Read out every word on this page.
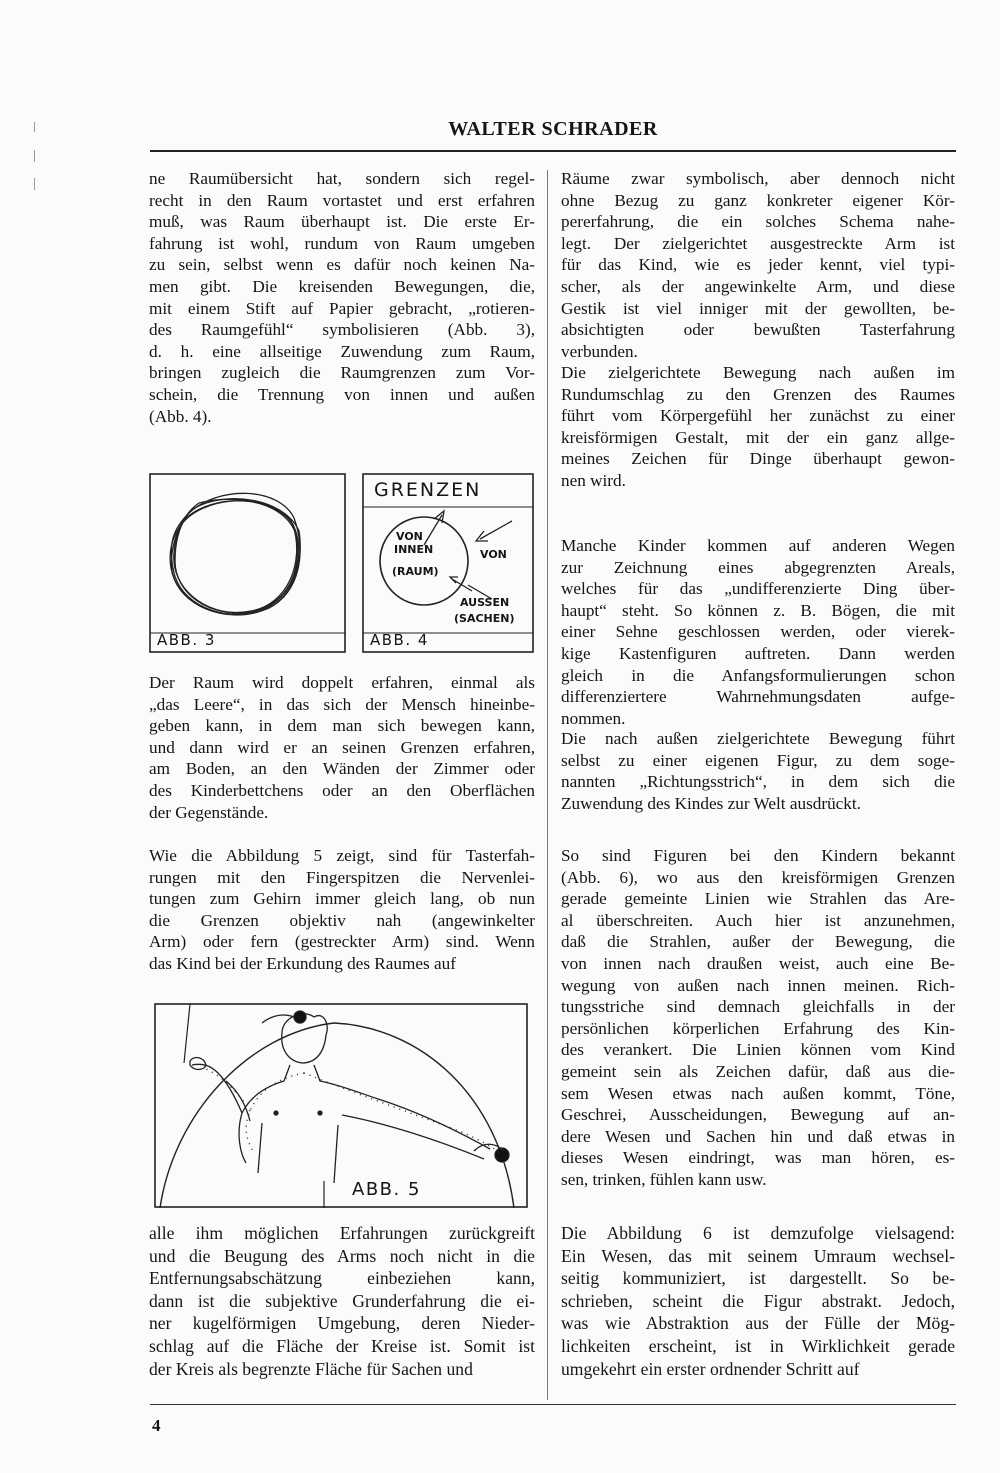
WALTER SCHRADER
ne Raumübersicht hat, sondern sich regel-
recht in den Raum vortastet und erst erfahren
muß, was Raum überhaupt ist. Die erste Er-
fahrung ist wohl, rundum von Raum umgeben
zu sein, selbst wenn es dafür noch keinen Na-
men gibt. Die kreisenden Bewegungen, die,
mit einem Stift auf Papier gebracht, „rotieren-
des Raumgefühl“ symbolisieren (Abb. 3),
d. h. eine allseitige Zuwendung zum Raum,
bringen zugleich die Raumgrenzen zum Vor-
schein, die Trennung von innen und außen
(Abb. 4).
ABB. 3
GRENZEN
VON
INNEN
(RAUM)
VON
AUSSEN
(SACHEN)
ABB. 4
Der Raum wird doppelt erfahren, einmal als
„das Leere“, in das sich der Mensch hineinbe-
geben kann, in dem man sich bewegen kann,
und dann wird er an seinen Grenzen erfahren,
am Boden, an den Wänden der Zimmer oder
des Kinderbettchens oder an den Oberflächen
der Gegenstände.
Wie die Abbildung 5 zeigt, sind für Tasterfah-
rungen mit den Fingerspitzen die Nervenlei-
tungen zum Gehirn immer gleich lang, ob nun
die Grenzen objektiv nah (angewinkelter
Arm) oder fern (gestreckter Arm) sind. Wenn
das Kind bei der Erkundung des Raumes auf
ABB. 5
alle ihm möglichen Erfahrungen zurückgreift
und die Beugung des Arms noch nicht in die
Entfernungsabschätzung einbeziehen kann,
dann ist die subjektive Grunderfahrung die ei-
ner kugelförmigen Umgebung, deren Nieder-
schlag auf die Fläche der Kreise ist. Somit ist
der Kreis als begrenzte Fläche für Sachen und
Räume zwar symbolisch, aber dennoch nicht
ohne Bezug zu ganz konkreter eigener Kör-
pererfahrung, die ein solches Schema nahe-
legt. Der zielgerichtet ausgestreckte Arm ist
für das Kind, wie es jeder kennt, viel typi-
scher, als der angewinkelte Arm, und diese
Gestik ist viel inniger mit der gewollten, be-
absichtigten oder bewußten Tasterfahrung
verbunden.
Die zielgerichtete Bewegung nach außen im
Rundumschlag zu den Grenzen des Raumes
führt vom Körpergefühl her zunächst zu einer
kreisförmigen Gestalt, mit der ein ganz allge-
meines Zeichen für Dinge überhaupt gewon-
nen wird.
Manche Kinder kommen auf anderen Wegen
zur Zeichnung eines abgegrenzten Areals,
welches für das „undifferenzierte Ding über-
haupt“ steht. So können z. B. Bögen, die mit
einer Sehne geschlossen werden, oder vierek-
kige Kastenfiguren auftreten. Dann werden
gleich in die Anfangsformulierungen schon
differenziertere Wahrnehmungsdaten aufge-
nommen.
Die nach außen zielgerichtete Bewegung führt
selbst zu einer eigenen Figur, zu dem soge-
nannten „Richtungsstrich“, in dem sich die
Zuwendung des Kindes zur Welt ausdrückt.
So sind Figuren bei den Kindern bekannt
(Abb. 6), wo aus den kreisförmigen Grenzen
gerade gemeinte Linien wie Strahlen das Are-
al überschreiten. Auch hier ist anzunehmen,
daß die Strahlen, außer der Bewegung, die
von innen nach draußen weist, auch eine Be-
wegung von außen nach innen meinen. Rich-
tungsstriche sind demnach gleichfalls in der
persönlichen körperlichen Erfahrung des Kin-
des verankert. Die Linien können vom Kind
gemeint sein als Zeichen dafür, daß aus die-
sem Wesen etwas nach außen kommt, Töne,
Geschrei, Ausscheidungen, Bewegung auf an-
dere Wesen und Sachen hin und daß etwas in
dieses Wesen eindringt, was man hören, es-
sen, trinken, fühlen kann usw.
Die Abbildung 6 ist demzufolge vielsagend:
Ein Wesen, das mit seinem Umraum wechsel-
seitig kommuniziert, ist dargestellt. So be-
schrieben, scheint die Figur abstrakt. Jedoch,
was wie Abstraktion aus der Fülle der Mög-
lichkeiten erscheint, ist in Wirklichkeit gerade
umgekehrt ein erster ordnender Schritt auf
4
